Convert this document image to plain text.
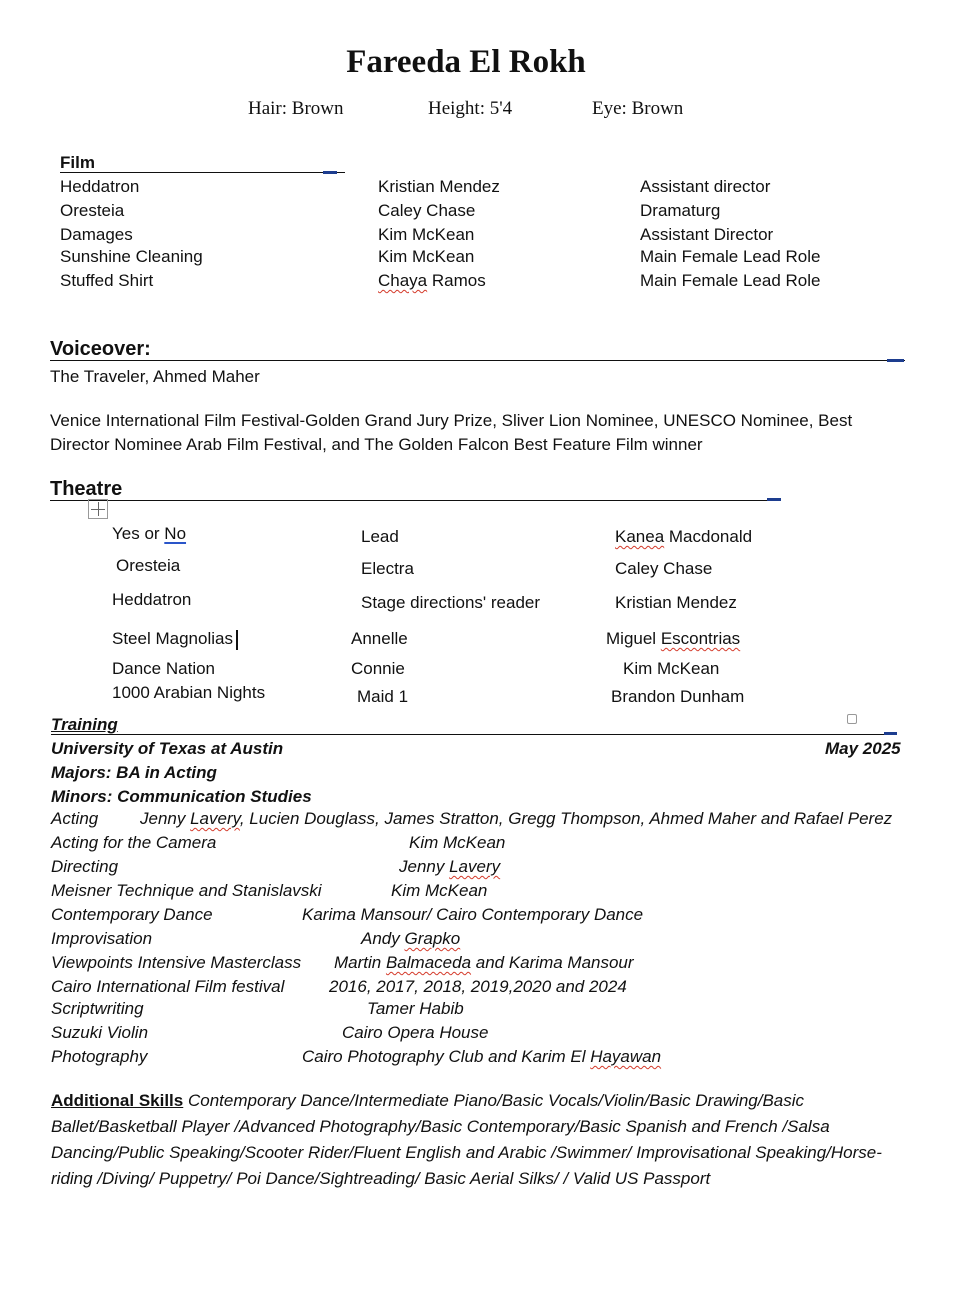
Fareeda El Rokh
Hair: Brown	Height: 5'4	Eye: Brown
Film
Heddatron	Kristian Mendez	Assistant director
Oresteia	Caley Chase	Dramaturg
Damages	Kim McKean	Assistant Director
Sunshine Cleaning	Kim McKean	Main Female Lead Role
Stuffed Shirt	Chaya Ramos	Main Female Lead Role
Voiceover:
The Traveler, Ahmed Maher
Venice International Film Festival-Golden Grand Jury Prize, Sliver Lion Nominee, UNESCO Nominee, Best
Director Nominee Arab Film Festival, and The Golden Falcon Best Feature Film winner
Theatre
Yes or No	Lead	Kanea Macdonald
Oresteia	Electra	Caley Chase
Heddatron	Stage directions' reader	Kristian Mendez
Steel Magnolias	Annelle	Miguel Escontrias
Dance Nation	Connie	Kim McKean
1000 Arabian Nights	Maid 1	Brandon Dunham
Training
University of Texas at Austin	May 2025
Majors: BA in Acting
Minors: Communication Studies
Acting Jenny Lavery, Lucien Douglass, James Stratton, Gregg Thompson, Ahmed Maher and Rafael Perez
Acting for the Camera	Kim McKean
Directing	Jenny Lavery
Meisner Technique and Stanislavski	Kim McKean
Contemporary Dance	Karima Mansour/ Cairo Contemporary Dance
Improvisation	Andy Grapko
Viewpoints Intensive Masterclass Martin Balmaceda and Karima Mansour
Cairo International Film festival	2016, 2017, 2018, 2019,2020 and 2024
Scriptwriting	Tamer Habib
Suzuki Violin	Cairo Opera House
Photography	Cairo Photography Club and Karim El Hayawan
Additional Skills Contemporary Dance/Intermediate Piano/Basic Vocals/Violin/Basic Drawing/Basic Ballet/Basketball Player /Advanced Photography/Basic Contemporary/Basic Spanish and French /Salsa Dancing/Public Speaking/Scooter Rider/Fluent English and Arabic /Swimmer/ Improvisational Speaking/Horse-riding /Diving/ Puppetry/ Poi Dance/Sightreading/ Basic Aerial Silks/ / Valid US Passport
